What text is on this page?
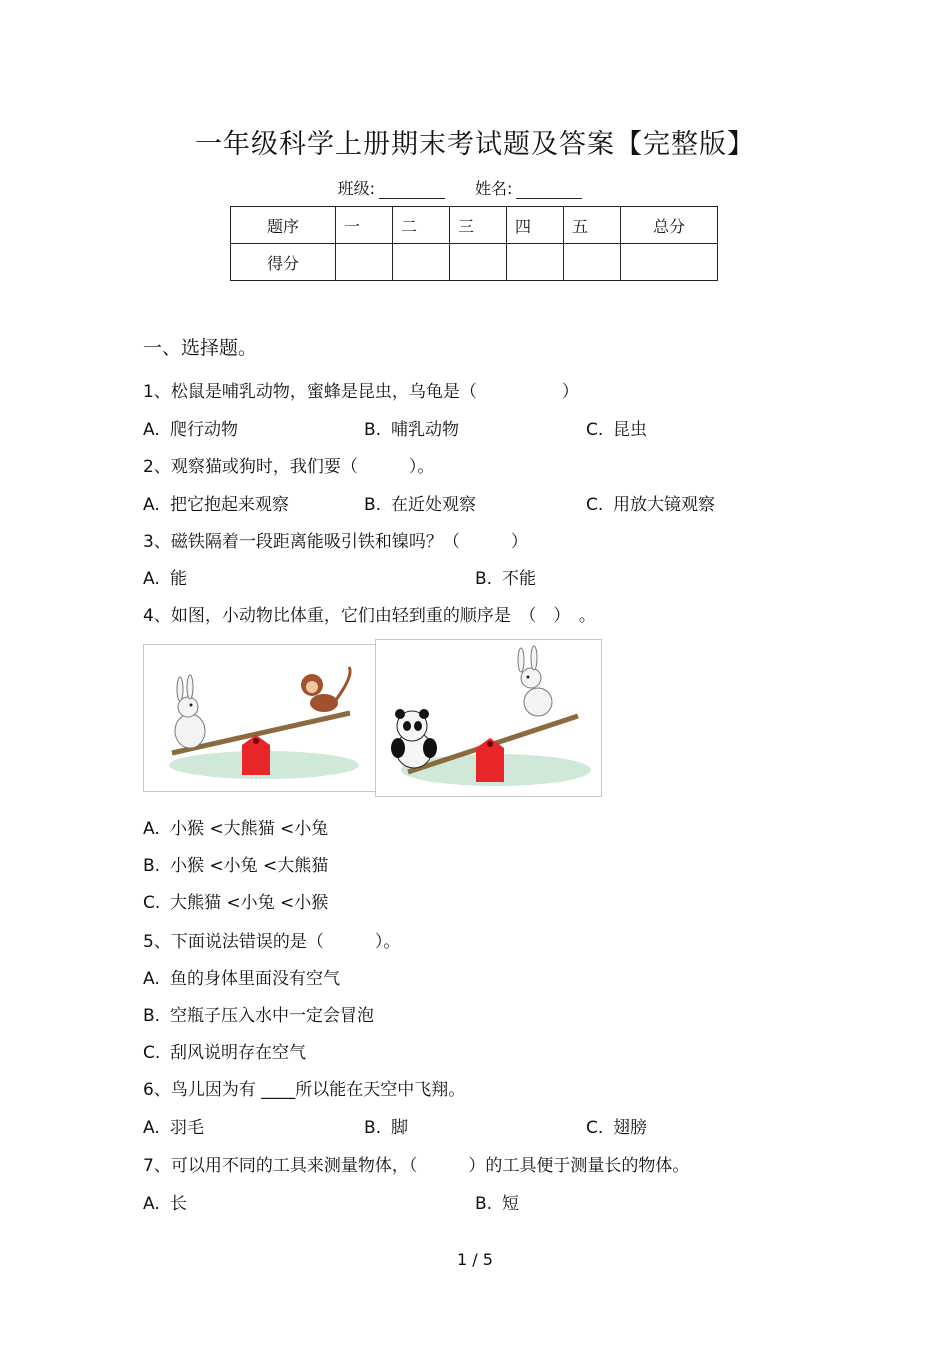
一年级科学上册期末考试题及答案【完整版】
班级:	姓名:
题序	一	二	三	四	五	总分
得分						
一、选择题。
1、松鼠是哺乳动物，蜜蜂是昆虫，乌龟是（　　　　　）
A. 爬行动物	B. 哺乳动物	C. 昆虫
2、观察猫或狗时，我们要（　　　）。
A. 把它抱起来观察	B. 在近处观察	C. 用放大镜观察
3、磁铁隔着一段距离能吸引铁和镍吗？（　　　）
A. 能	B. 不能
4、如图，小动物比体重，它们由轻到重的顺序是　（　）　。
A. 小猴 <大熊猫 <小兔
B. 小猴 <小兔 <大熊猫
C. 大熊猫 <小兔 <小猴
5、下面说法错误的是（　　　）。
A. 鱼的身体里面没有空气
B. 空瓶子压入水中一定会冒泡
C. 刮风说明存在空气
6、鸟儿因为有 ____所以能在天空中飞翔。
A. 羽毛	B. 脚	C. 翅膀
7、可以用不同的工具来测量物体，（　　　）的工具便于测量长的物体。
A. 长	B. 短
1 / 5
